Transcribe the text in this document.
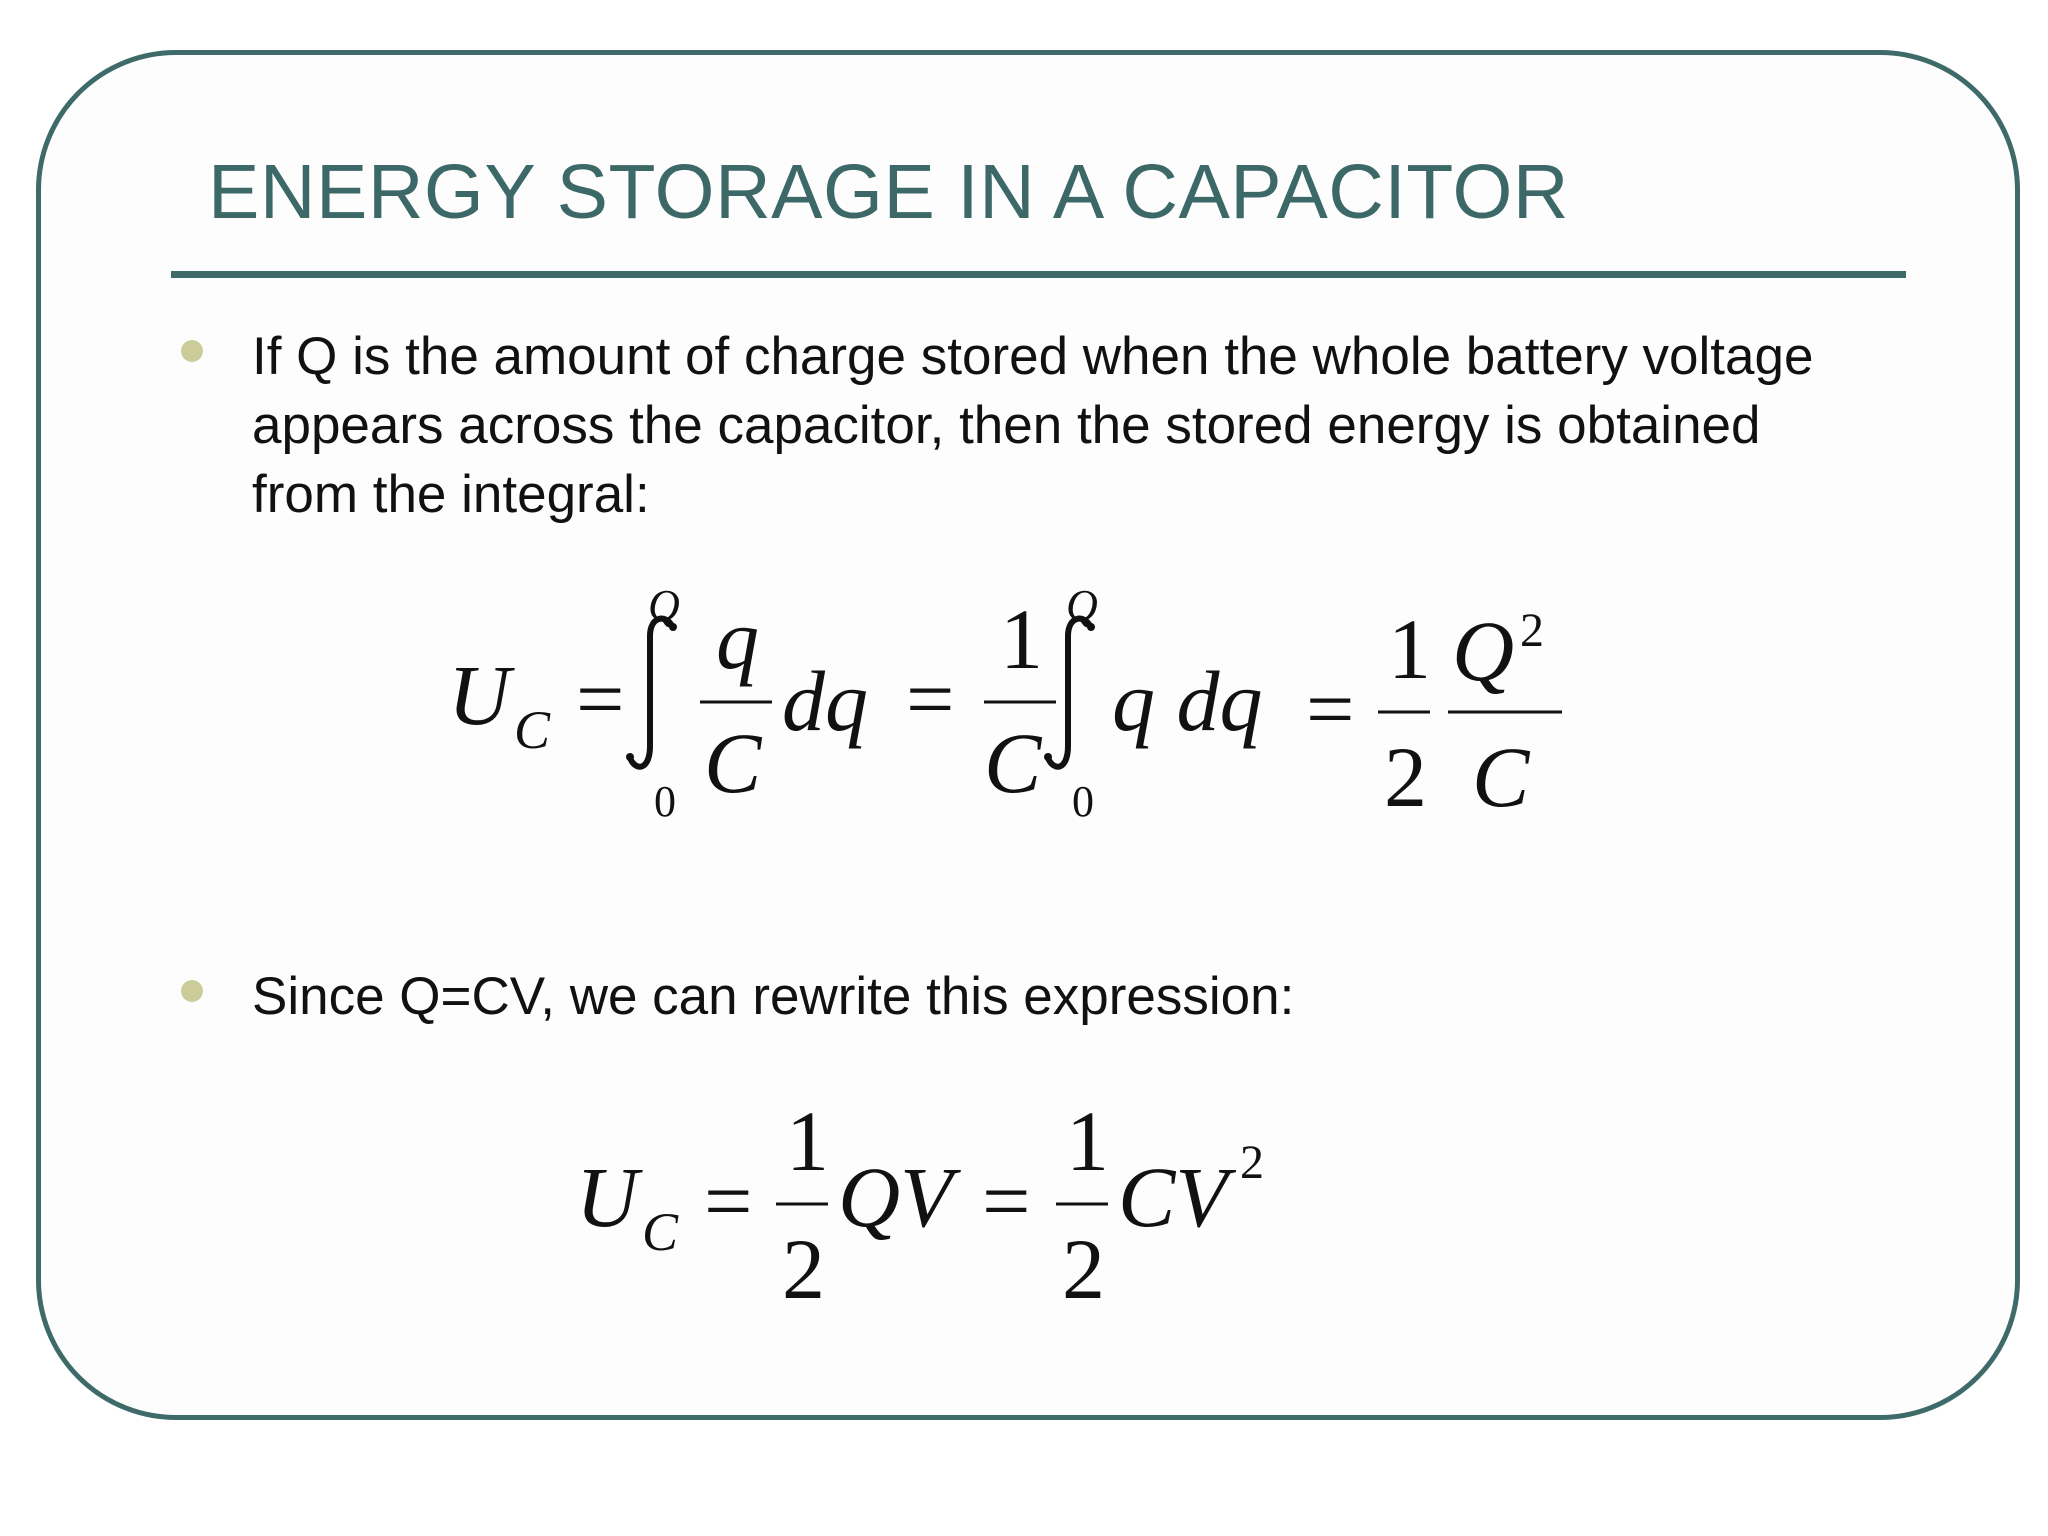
ENERGY STORAGE IN A CAPACITOR
If Q is the amount of charge stored when the whole battery voltage
appears across the capacitor, then the stored energy is obtained
from the integral:
U C =
Q
0
q
C
dq =
1
C
Q
0
q dq =
1
2
Q 2
C
Since Q=CV, we can rewrite this expression:
U C =
1
2
QV =
1
2
CV 2
